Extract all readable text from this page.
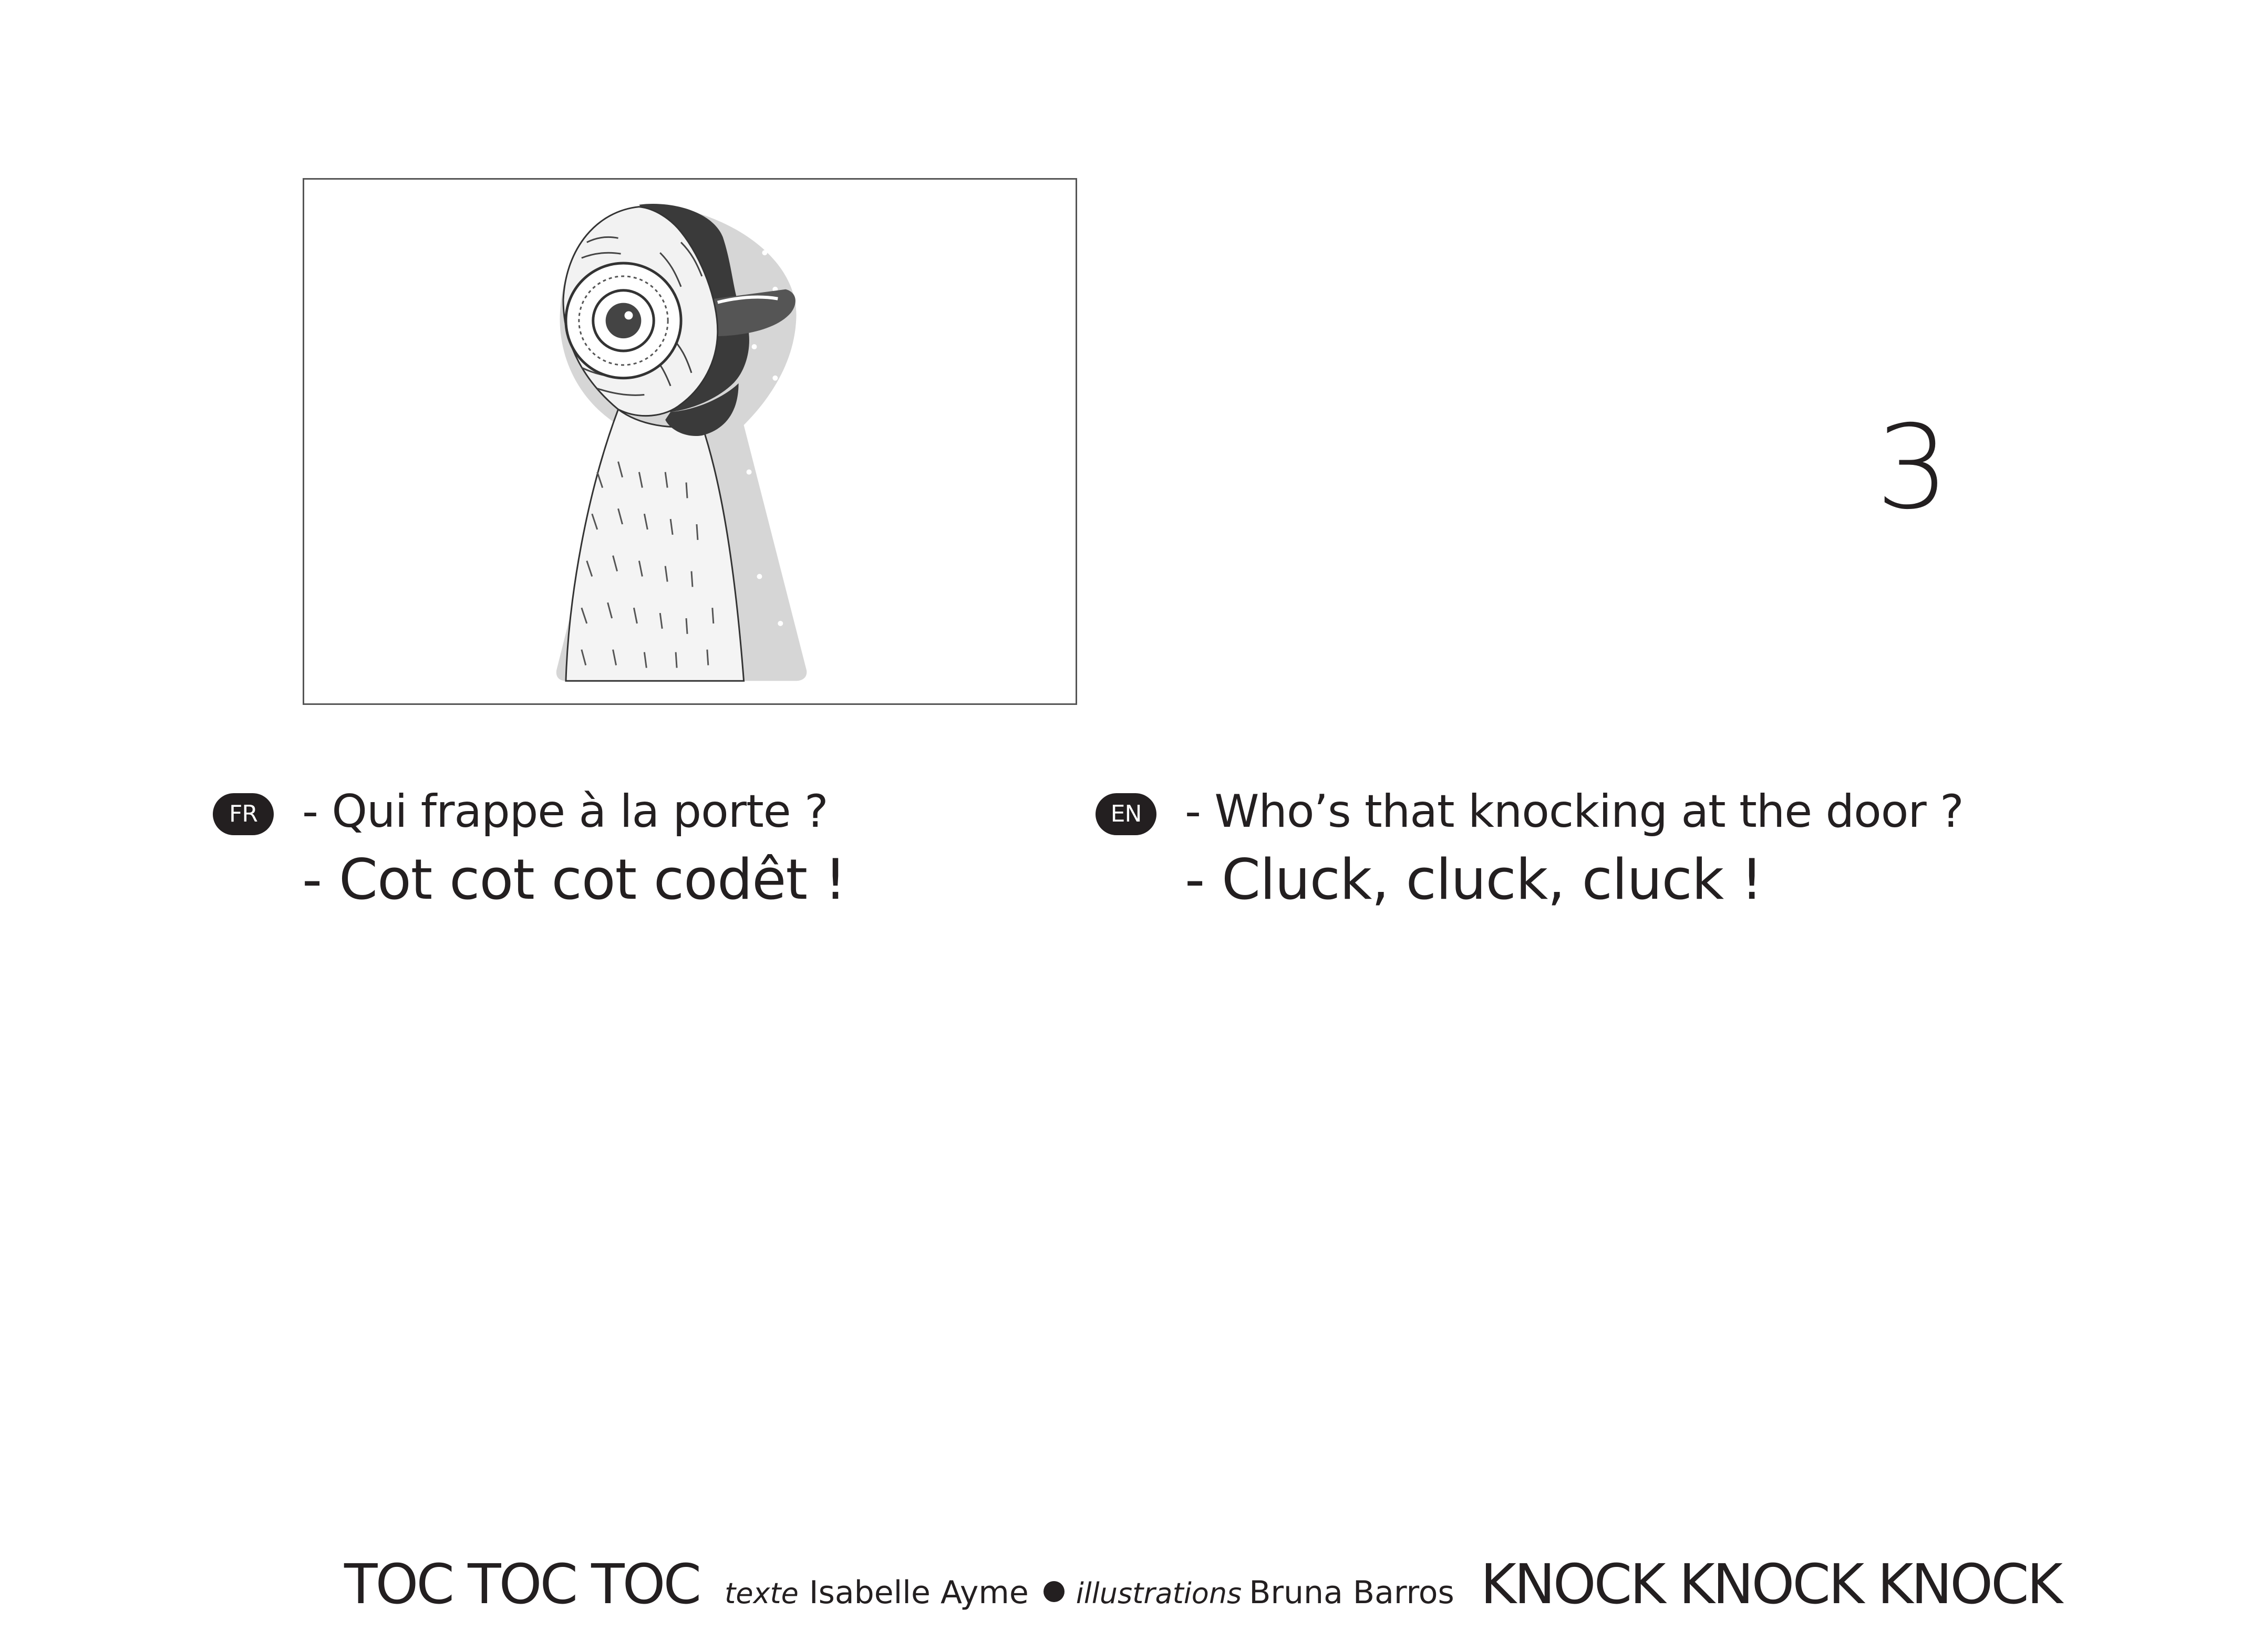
3
FR - Qui frappe à la porte ?
- Cot cot cot codêt !
EN - Who’s that knocking at the door ?
- Cluck, cluck, cluck !
TOC TOC TOC texte Isabelle Ayme illustrations Bruna Barros KNOCK KNOCK KNOCK
